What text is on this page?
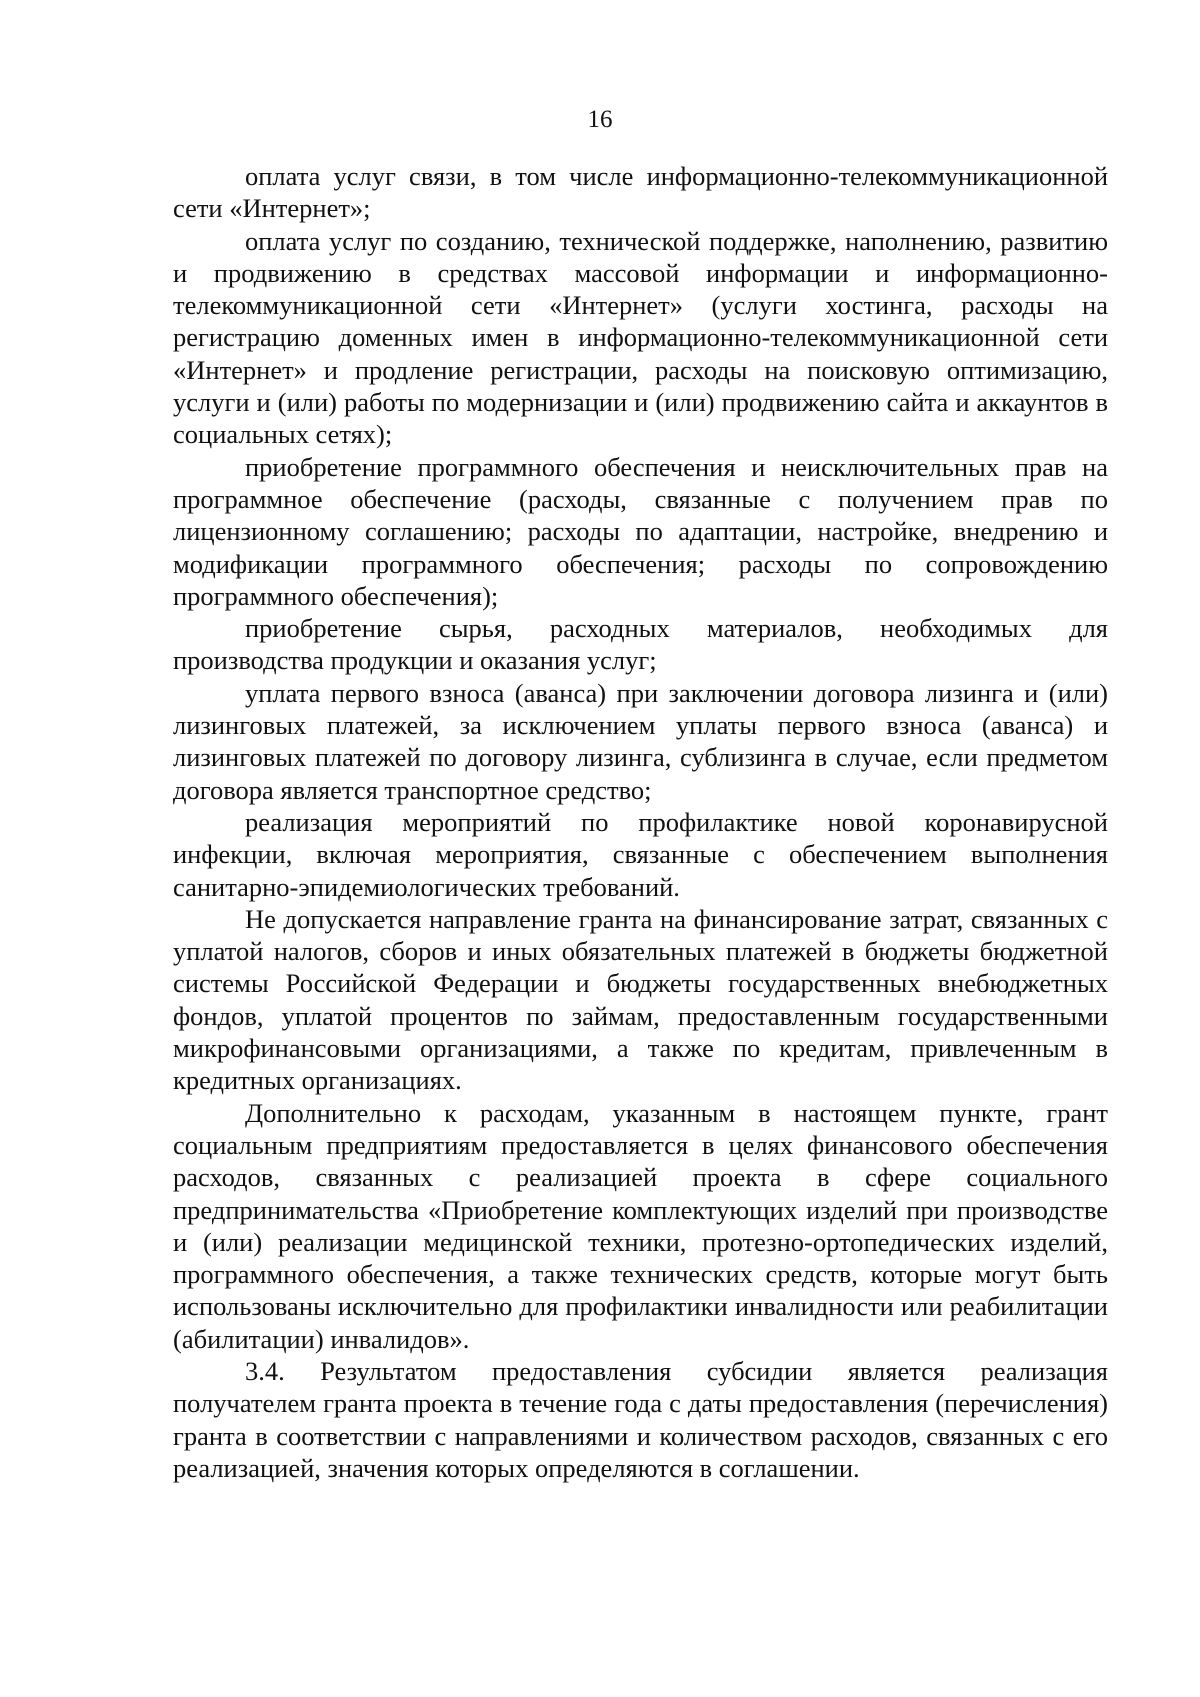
16

оплата услуг связи, в том числе информационно-телекоммуникационной сети «Интернет»;

оплата услуг по созданию, технической поддержке, наполнению, развитию и продвижению в средствах массовой информации и информационно-телекоммуникационной сети «Интернет» (услуги хостинга, расходы на регистрацию доменных имен в информационно-телекоммуникационной сети «Интернет» и продление регистрации, расходы на поисковую оптимизацию, услуги и (или) работы по модернизации и (или) продвижению сайта и аккаунтов в социальных сетях);

приобретение программного обеспечения и неисключительных прав на программное обеспечение (расходы, связанные с получением прав по лицензионному соглашению; расходы по адаптации, настройке, внедрению и модификации программного обеспечения; расходы по сопровождению программного обеспечения);

приобретение сырья, расходных материалов, необходимых для производства продукции и оказания услуг;

уплата первого взноса (аванса) при заключении договора лизинга и (или) лизинговых платежей, за исключением уплаты первого взноса (аванса) и лизинговых платежей по договору лизинга, сублизинга в случае, если предметом договора является транспортное средство;

реализация мероприятий по профилактике новой коронавирусной инфекции, включая мероприятия, связанные с обеспечением выполнения санитарно-эпидемиологических требований.

Не допускается направление гранта на финансирование затрат, связанных с уплатой налогов, сборов и иных обязательных платежей в бюджеты бюджетной системы Российской Федерации и бюджеты государственных внебюджетных фондов, уплатой процентов по займам, предоставленным государственными микрофинансовыми организациями, а также по кредитам, привлеченным в кредитных организациях.

Дополнительно к расходам, указанным в настоящем пункте, грант социальным предприятиям предоставляется в целях финансового обеспечения расходов, связанных с реализацией проекта в сфере социального предпринимательства «Приобретение комплектующих изделий при производстве и (или) реализации медицинской техники, протезно-ортопедических изделий, программного обеспечения, а также технических средств, которые могут быть использованы исключительно для профилактики инвалидности или реабилитации (абилитации) инвалидов».

3.4. Результатом предоставления субсидии является реализация получателем гранта проекта в течение года с даты предоставления (перечисления) гранта в соответствии с направлениями и количеством расходов, связанных с его реализацией, значения которых определяются в соглашении.
